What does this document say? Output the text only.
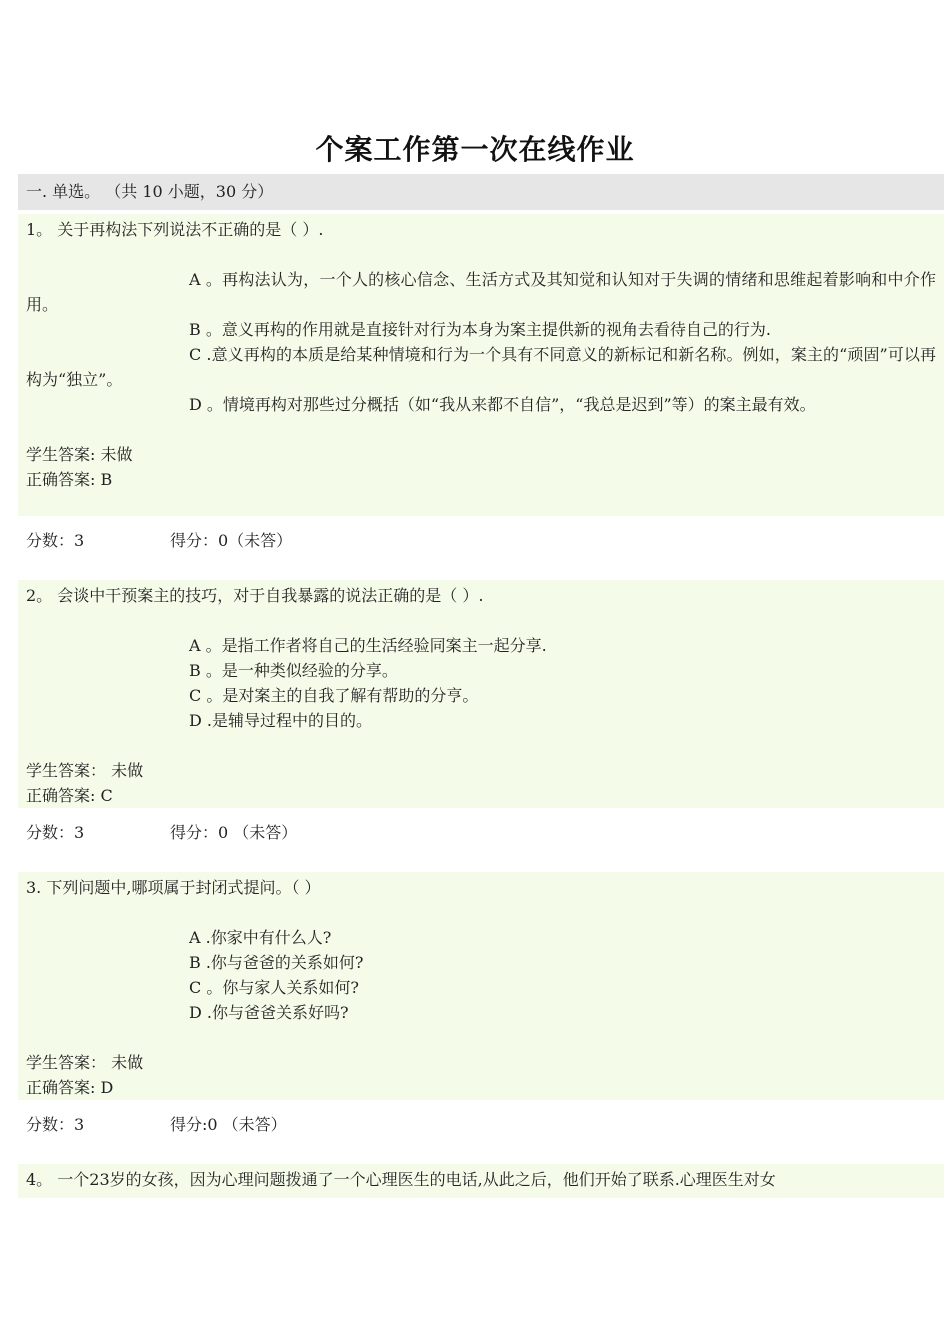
个案工作第一次在线作业
一. 单选。 （共 10 小题，30 分）
1。 关于再构法下列说法不正确的是（ ）.
A 。再构法认为，一个人的核心信念、生活方式及其知觉和认知对于失调的情绪和思维起着影响和中介作用。
B 。意义再构的作用就是直接针对行为本身为案主提供新的视角去看待自己的行为.
C .意义再构的本质是给某种情境和行为一个具有不同意义的新标记和新名称。例如，案主的“顽固”可以再构为“独立”。
D 。情境再构对那些过分概括（如“我从来都不自信”，“我总是迟到”等）的案主最有效。
学生答案: 未做
正确答案: B
分数：3	得分：0（未答）
2。 会谈中干预案主的技巧，对于自我暴露的说法正确的是（ ）.
A 。是指工作者将自己的生活经验同案主一起分享.
B 。是一种类似经验的分享。
C 。是对案主的自我了解有帮助的分亨。
D .是辅导过程中的目的。
学生答案： 未做
正确答案: C
分数：3	得分：0 （未答）
3. 下列问题中,哪项属于封闭式提问。（ ）
A .你家中有什么人?
B .你与爸爸的关系如何?
C 。你与家人关系如何?
D .你与爸爸关系好吗?
学生答案： 未做
正确答案: D
分数：3	得分:0 （未答）
4。 一个23岁的女孩，因为心理问题拨通了一个心理医生的电话,从此之后，他们开始了联系.心理医生对女
